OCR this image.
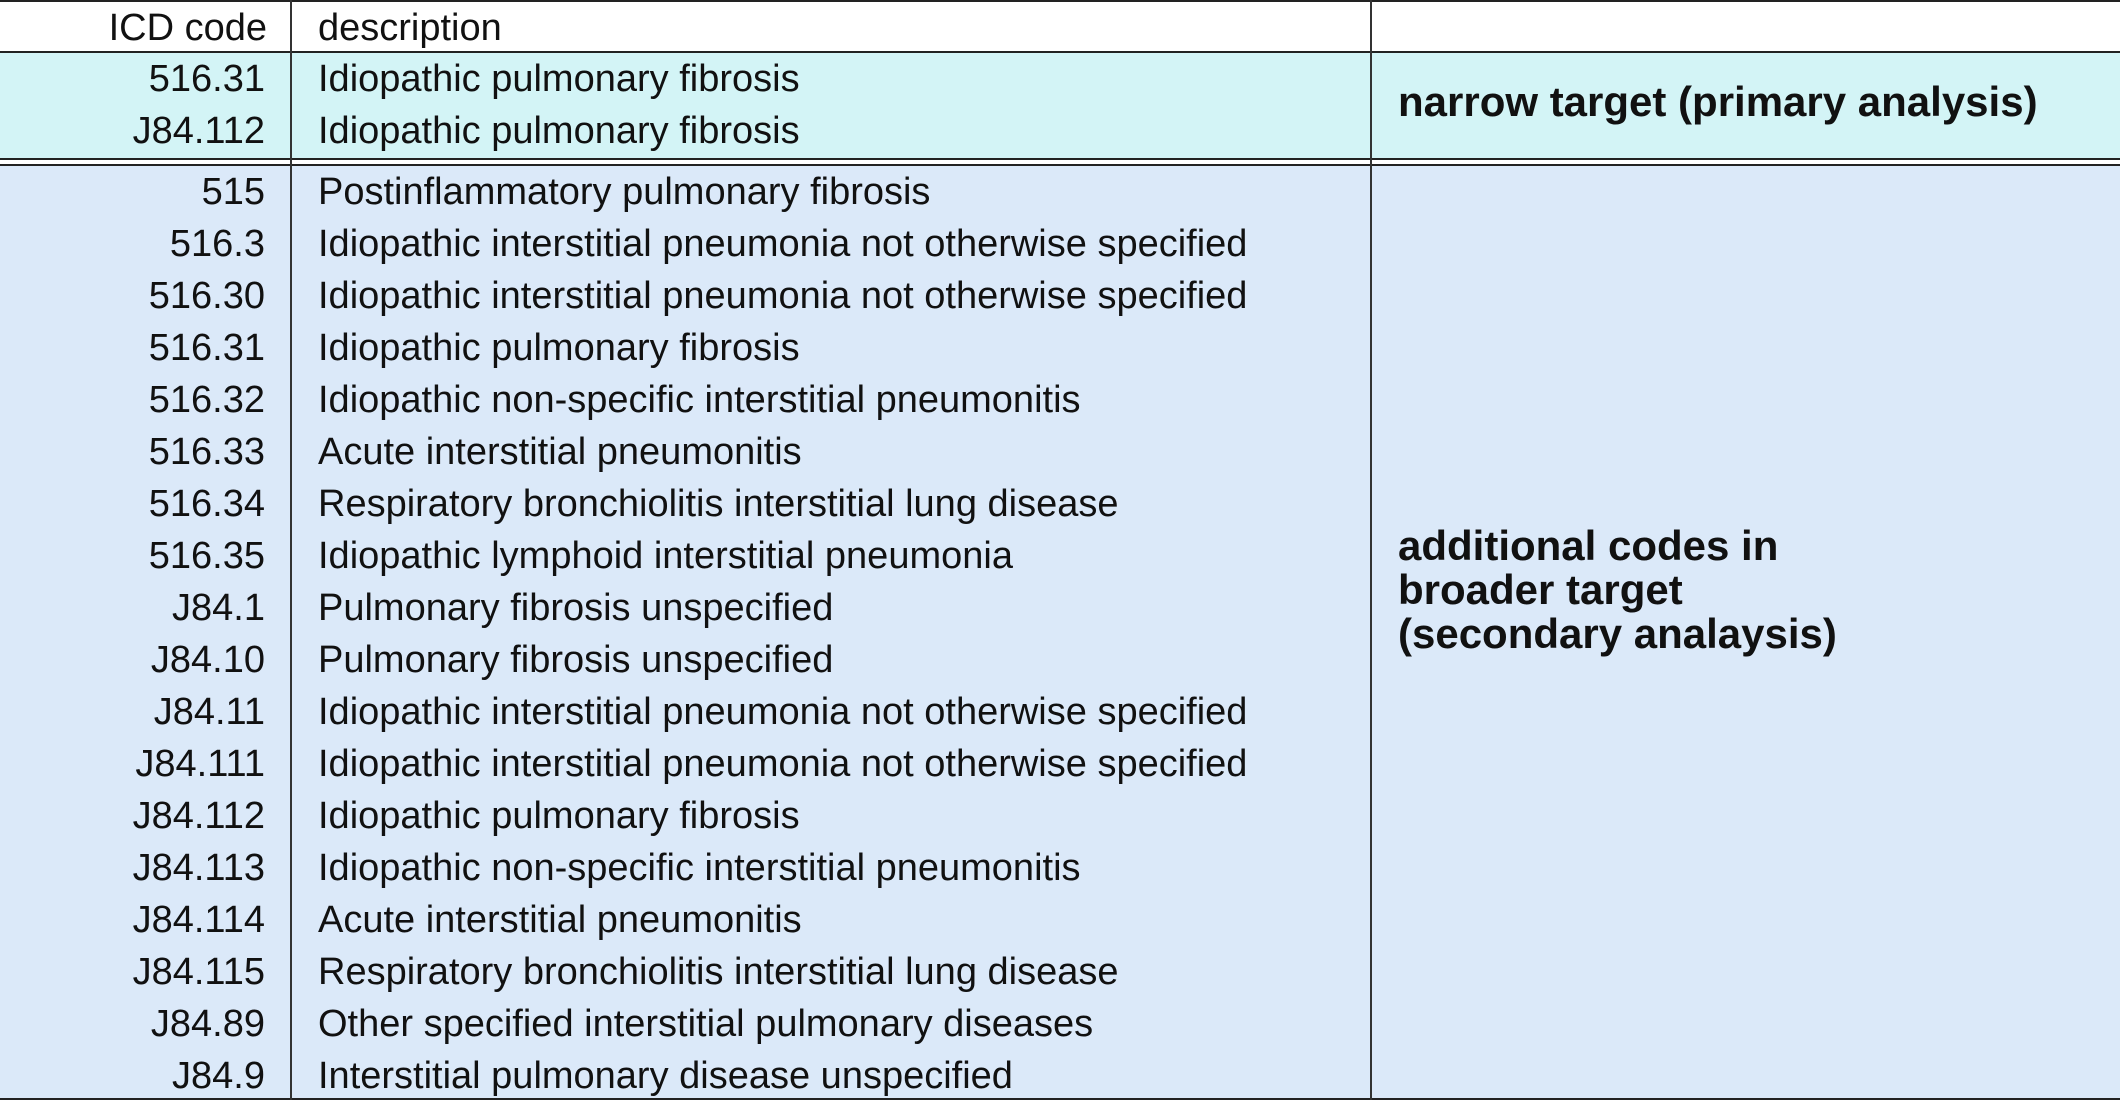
ICD code description
516.31 Idiopathic pulmonary fibrosis
J84.112 Idiopathic pulmonary fibrosis
narrow target (primary analysis)
515 Postinflammatory pulmonary fibrosis
516.3 Idiopathic interstitial pneumonia not otherwise specified
516.30 Idiopathic interstitial pneumonia not otherwise specified
516.31 Idiopathic pulmonary fibrosis
516.32 Idiopathic non-specific interstitial pneumonitis
516.33 Acute interstitial pneumonitis
516.34 Respiratory bronchiolitis interstitial lung disease
516.35 Idiopathic lymphoid interstitial pneumonia
J84.1 Pulmonary fibrosis unspecified
J84.10 Pulmonary fibrosis unspecified
J84.11 Idiopathic interstitial pneumonia not otherwise specified
J84.111 Idiopathic interstitial pneumonia not otherwise specified
J84.112 Idiopathic pulmonary fibrosis
J84.113 Idiopathic non-specific interstitial pneumonitis
J84.114 Acute interstitial pneumonitis
J84.115 Respiratory bronchiolitis interstitial lung disease
J84.89 Other specified interstitial pulmonary diseases
J84.9 Interstitial pulmonary disease unspecified
additional codes in
broader target
(secondary analaysis)
